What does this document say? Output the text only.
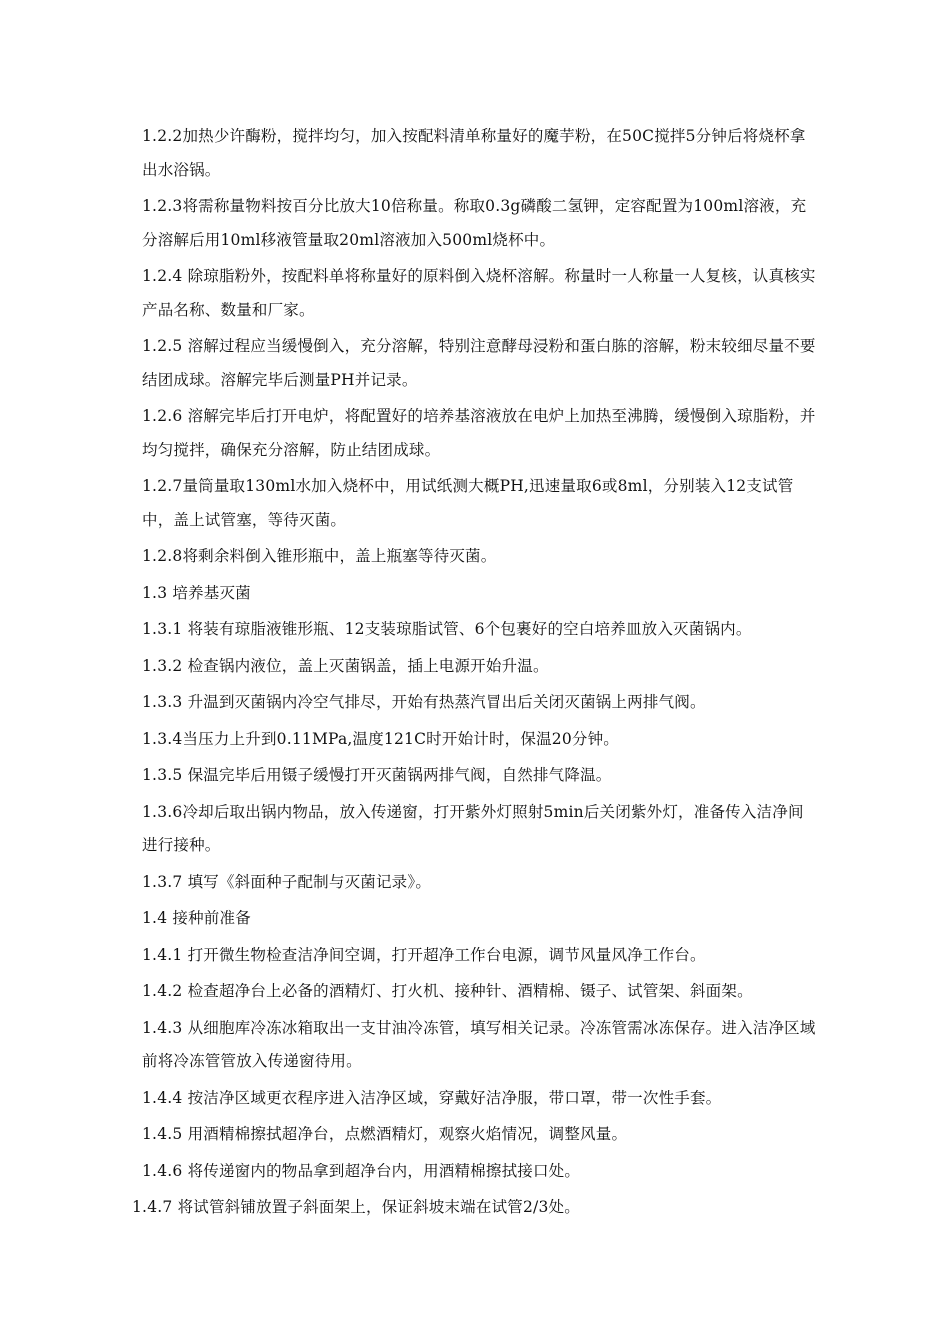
1.2.2加热少许酶粉，搅拌均匀，加入按配料清单称量好的魔芋粉，在50C搅拌5分钟后将烧杯拿出水浴锅。

1.2.3将需称量物料按百分比放大10倍称量。称取0.3g磷酸二氢钾，定容配置为100ml溶液，充分溶解后用10ml移液管量取20ml溶液加入500ml烧杯中。

1.2.4 除琼脂粉外，按配料单将称量好的原料倒入烧杯溶解。称量时一人称量一人复核，认真核实产品名称、数量和厂家。

1.2.5 溶解过程应当缓慢倒入，充分溶解，特别注意酵母浸粉和蛋白胨的溶解，粉末较细尽量不要结团成球。溶解完毕后测量PH并记录。

1.2.6 溶解完毕后打开电炉，将配置好的培养基溶液放在电炉上加热至沸腾，缓慢倒入琼脂粉，并均匀搅拌，确保充分溶解，防止结团成球。

1.2.7量筒量取130ml水加入烧杯中，用试纸测大概PH,迅速量取6或8ml，分别装入12支试管中，盖上试管塞，等待灭菌。

1.2.8将剩余料倒入锥形瓶中，盖上瓶塞等待灭菌。

1.3 培养基灭菌

1.3.1 将装有琼脂液锥形瓶、12支装琼脂试管、6个包裹好的空白培养皿放入灭菌锅内。

1.3.2 检查锅内液位，盖上灭菌锅盖，插上电源开始升温。

1.3.3 升温到灭菌锅内冷空气排尽，开始有热蒸汽冒出后关闭灭菌锅上两排气阀。

1.3.4当压力上升到0.11MPa,温度121C时开始计时，保温20分钟。

1.3.5 保温完毕后用镊子缓慢打开灭菌锅两排气阀，自然排气降温。

1.3.6冷却后取出锅内物品，放入传递窗，打开紫外灯照射5min后关闭紫外灯，准备传入洁净间进行接种。

1.3.7 填写《斜面种子配制与灭菌记录》。

1.4 接种前准备

1.4.1 打开微生物检查洁净间空调，打开超净工作台电源，调节风量风净工作台。

1.4.2 检查超净台上必备的酒精灯、打火机、接种针、酒精棉、镊子、试管架、斜面架。

1.4.3 从细胞库冷冻冰箱取出一支甘油冷冻管，填写相关记录。冷冻管需冰冻保存。进入洁净区域前将冷冻管管放入传递窗待用。

1.4.4 按洁净区域更衣程序进入洁净区域，穿戴好洁净服，带口罩，带一次性手套。

1.4.5 用酒精棉擦拭超净台，点燃酒精灯，观察火焰情况，调整风量。

1.4.6 将传递窗内的物品拿到超净台内，用酒精棉擦拭接口处。

1.4.7 将试管斜铺放置子斜面架上，保证斜坡末端在试管2/3处。
